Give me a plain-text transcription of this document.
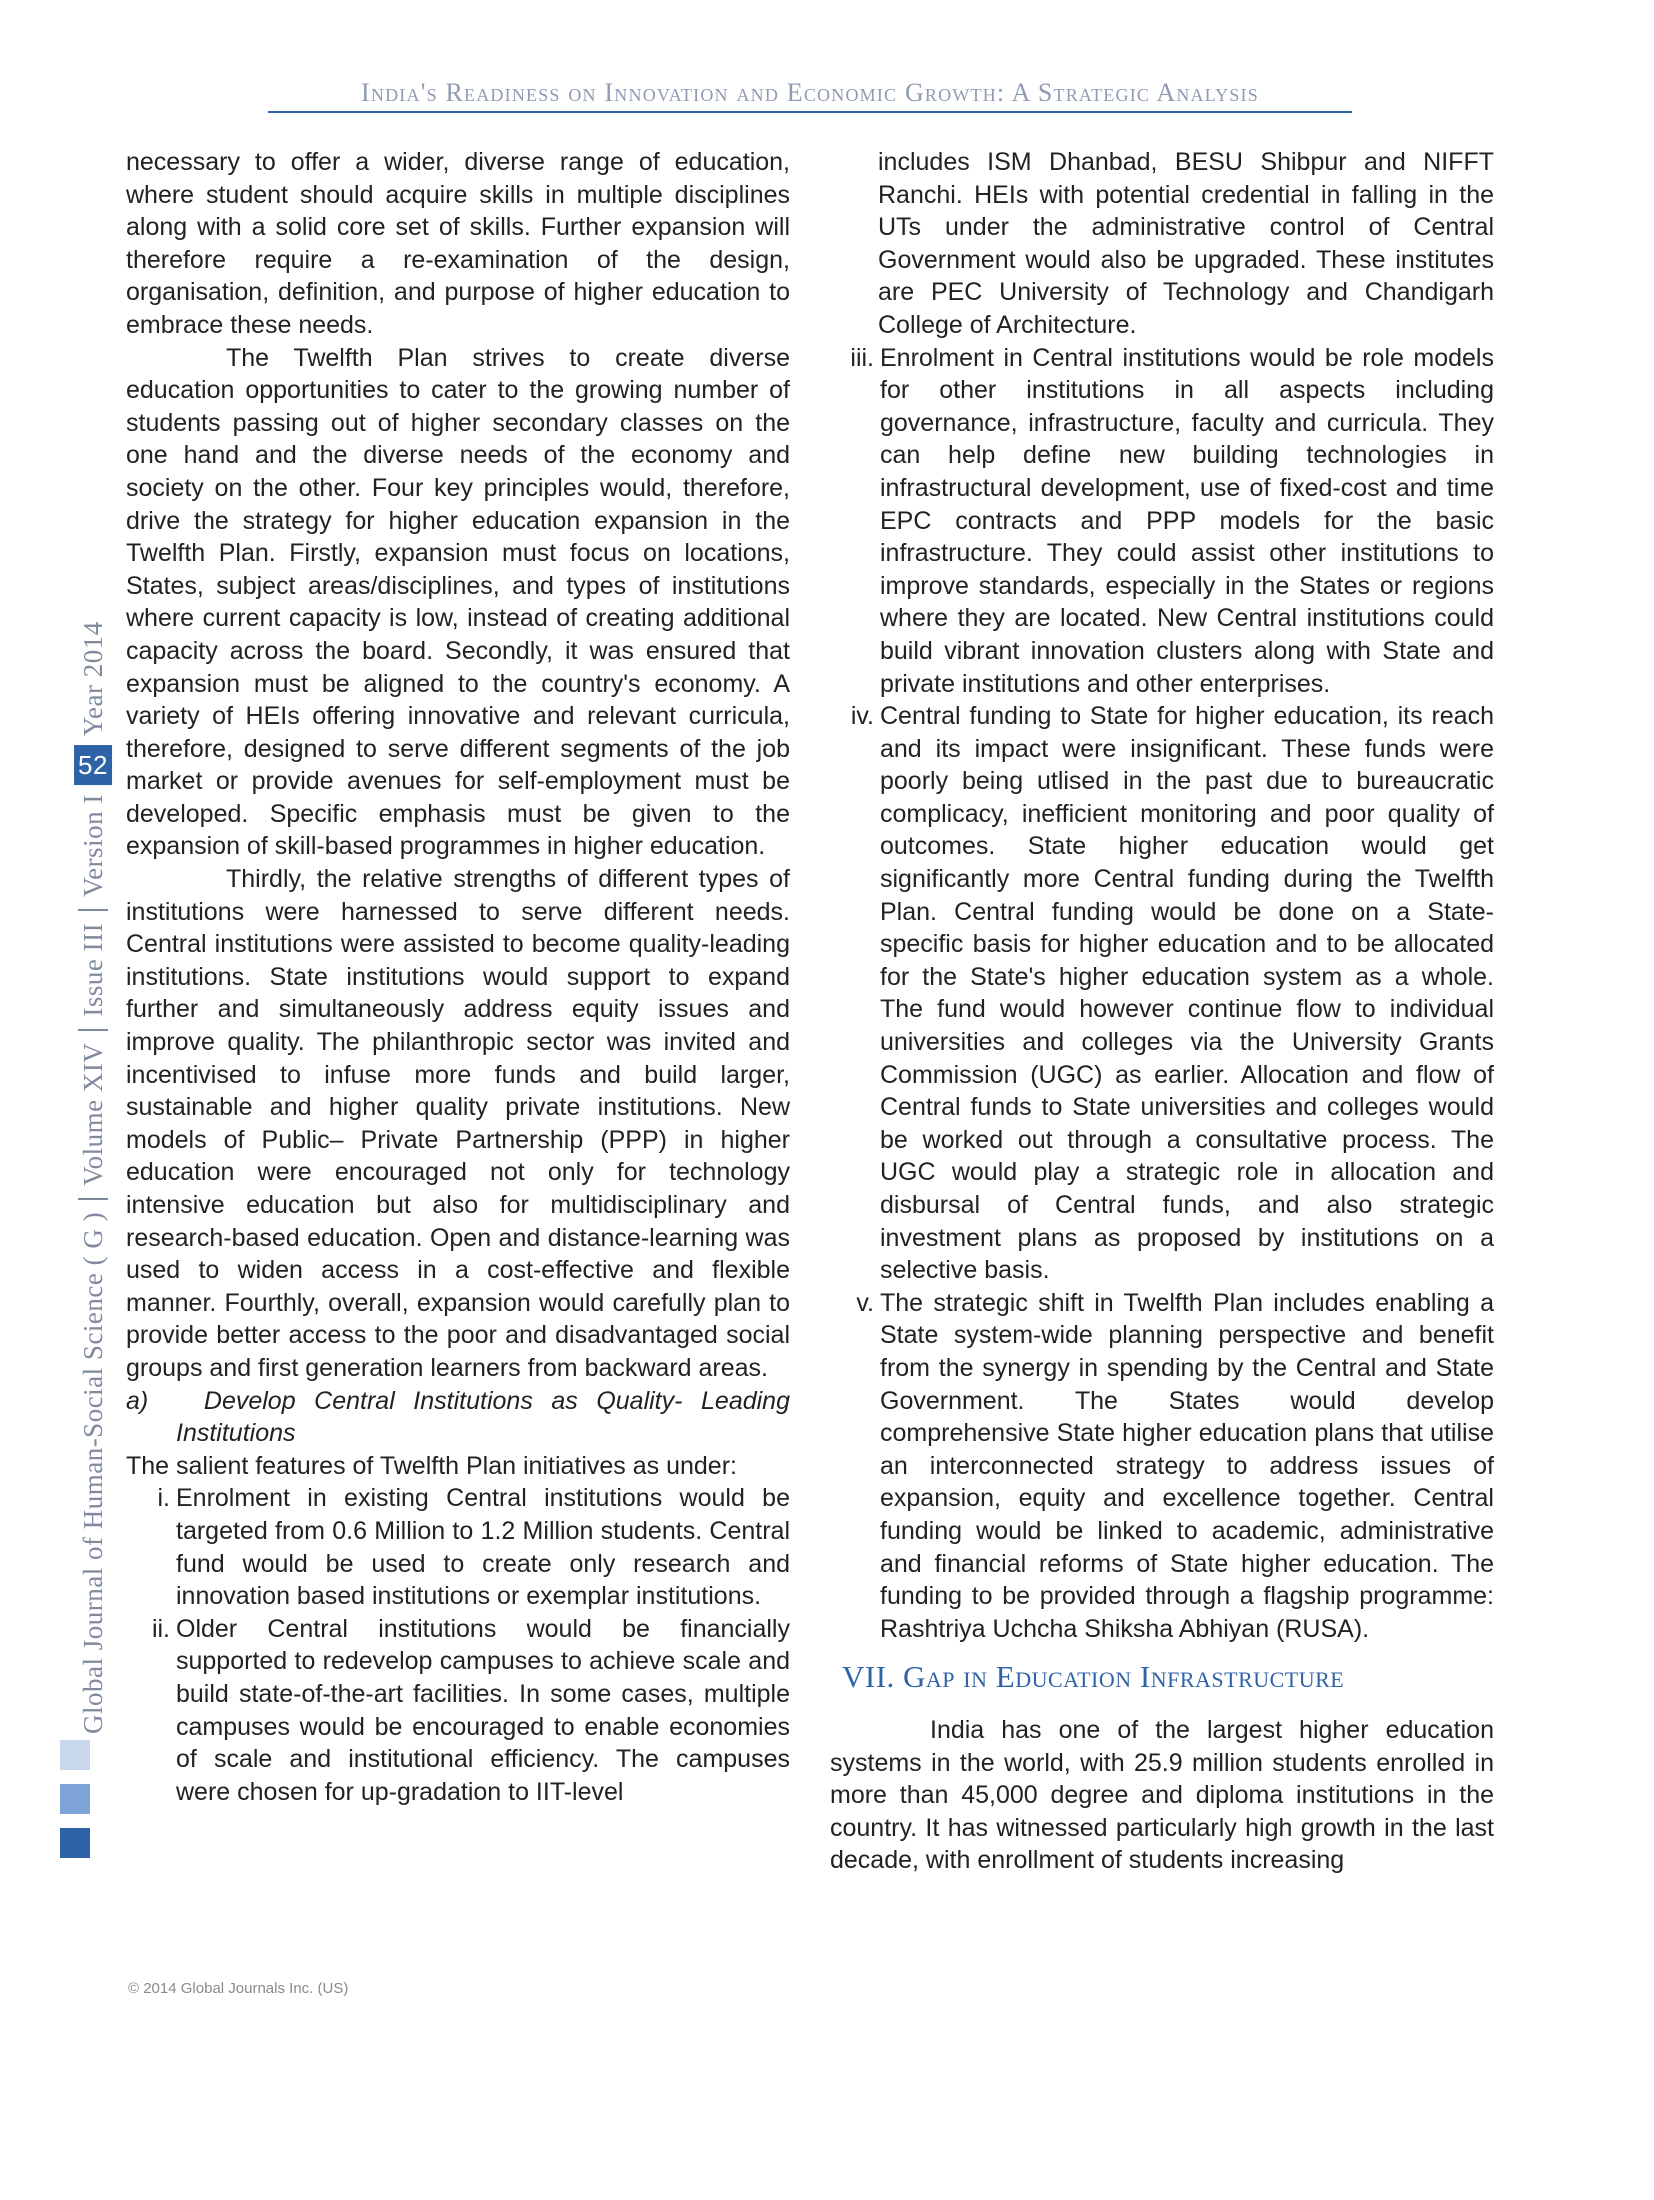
India's Readiness on Innovation and Economic Growth: A Strategic Analysis
Global Journal of Human-Social Science ( G )Volume XIVIssue IIIVersion I52Year 2014

necessary to offer a wider, diverse range of education, where student should acquire skills in multiple disciplines along with a solid core set of skills. Further expansion will therefore require a re-examination of the design, organisation, definition, and purpose of higher education to embrace these needs.

The Twelfth Plan strives to create diverse education opportunities to cater to the growing number of students passing out of higher secondary classes on the one hand and the diverse needs of the economy and society on the other. Four key principles would, therefore, drive the strategy for higher education expansion in the Twelfth Plan. Firstly, expansion must focus on locations, States, subject areas/disciplines, and types of institutions where current capacity is low, instead of creating additional capacity across the board. Secondly, it was ensured that expansion must be aligned to the country's economy. A variety of HEIs offering innovative and relevant curricula, therefore, designed to serve different segments of the job market or provide avenues for self-employment must be developed. Specific emphasis must be given to the expansion of skill-based programmes in higher education.

Thirdly, the relative strengths of different types of institutions were harnessed to serve different needs. Central institutions were assisted to become quality-leading institutions. State institutions would support to expand further and simultaneously address equity issues and improve quality. The philanthropic sector was invited and incentivised to infuse more funds and build larger, sustainable and higher quality private institutions. New models of Public– Private Partnership (PPP) in higher education were encouraged not only for technology intensive education but also for multidisciplinary and research-based education. Open and distance-learning was used to widen access in a cost-effective and flexible manner. Fourthly, overall, expansion would carefully plan to provide better access to the poor and disadvantaged social groups and first generation learners from backward areas.

a) Develop Central Institutions as Quality- Leading Institutions

The salient features of Twelfth Plan initiatives as under:

i. Enrolment in existing Central institutions would be targeted from 0.6 Million to 1.2 Million students. Central fund would be used to create only research and innovation based institutions or exemplar institutions.
ii. Older Central institutions would be financially supported to redevelop campuses to achieve scale and build state-of-the-art facilities. In some cases, multiple campuses would be encouraged to enable economies of scale and institutional efficiency. The campuses were chosen for up-gradation to IIT-level

includes ISM Dhanbad, BESU Shibpur and NIFFT Ranchi. HEIs with potential credential in falling in the UTs under the administrative control of Central Government would also be upgraded. These institutes are PEC University of Technology and Chandigarh College of Architecture.

iii. Enrolment in Central institutions would be role models for other institutions in all aspects including governance, infrastructure, faculty and curricula. They can help define new building technologies in infrastructural development, use of fixed-cost and time EPC contracts and PPP models for the basic infrastructure. They could assist other institutions to improve standards, especially in the States or regions where they are located. New Central institutions could build vibrant innovation clusters along with State and private institutions and other enterprises.
iv. Central funding to State for higher education, its reach and its impact were insignificant. These funds were poorly being utlised in the past due to bureaucratic complicacy, inefficient monitoring and poor quality of outcomes. State higher education would get significantly more Central funding during the Twelfth Plan. Central funding would be done on a State-specific basis for higher education and to be allocated for the State's higher education system as a whole. The fund would however continue flow to individual universities and colleges via the University Grants Commission (UGC) as earlier. Allocation and flow of Central funds to State universities and colleges would be worked out through a consultative process. The UGC would play a strategic role in allocation and disbursal of Central funds, and also strategic investment plans as proposed by institutions on a selective basis.
v. The strategic shift in Twelfth Plan includes enabling a State system-wide planning perspective and benefit from the synergy in spending by the Central and State Government. The States would develop comprehensive State higher education plans that utilise an interconnected strategy to address issues of expansion, equity and excellence together. Central funding would be linked to academic, administrative and financial reforms of State higher education. The funding to be provided through a flagship programme: Rashtriya Uchcha Shiksha Abhiyan (RUSA).
VII. Gap in Education Infrastructure

India has one of the largest higher education systems in the world, with 25.9 million students enrolled in more than 45,000 degree and diploma institutions in the country. It has witnessed particularly high growth in the last decade, with enrollment of students increasing

© 2014 Global Journals Inc. (US)
